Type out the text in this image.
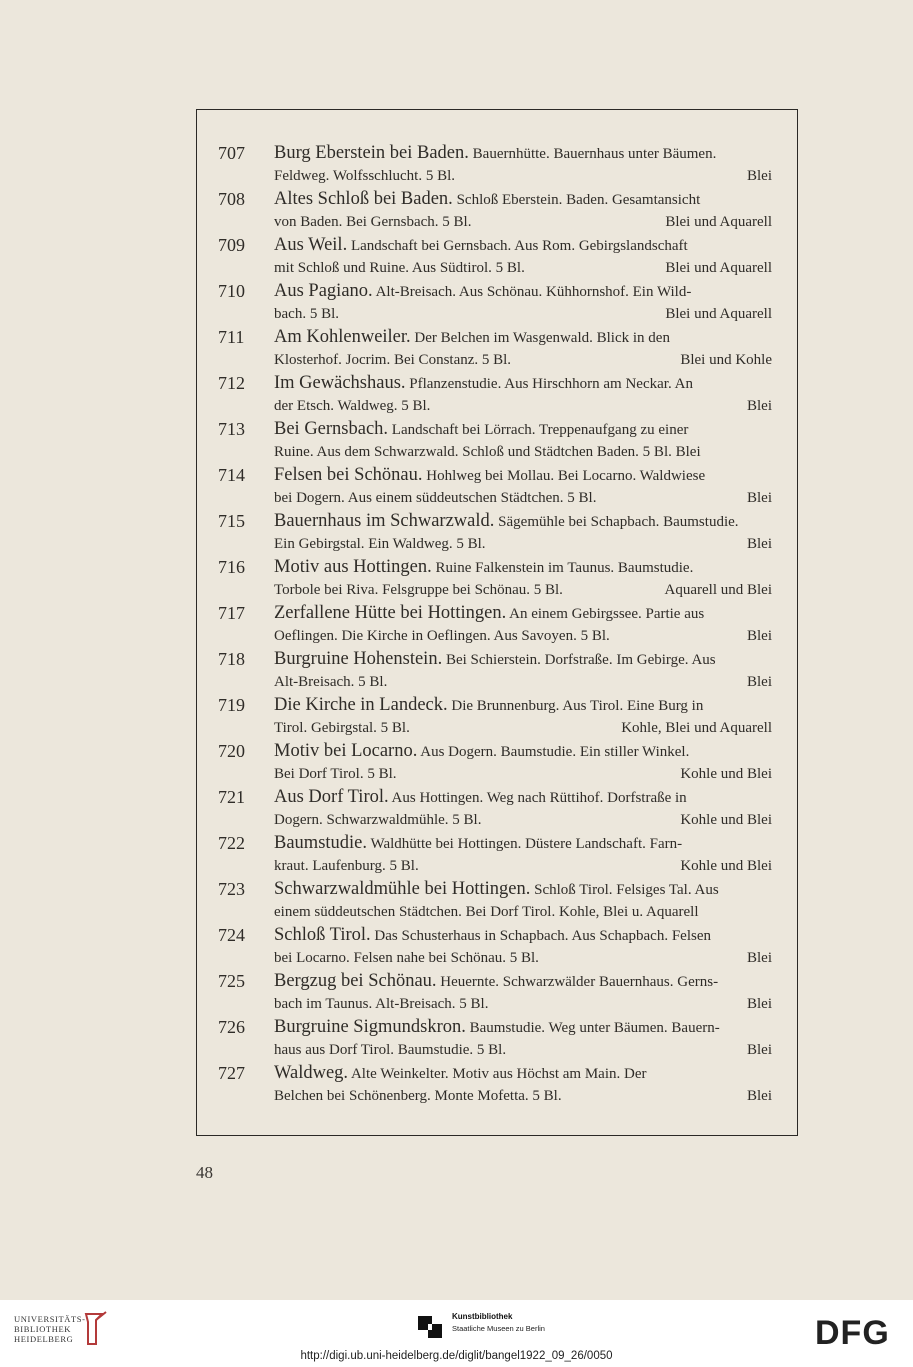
707	Burg Eberstein bei Baden. Bauernhütte. Bauernhaus unter Bäumen.
Feldweg. Wolfsschlucht. 5 Bl.	Blei
708	Altes Schloß bei Baden. Schloß Eberstein. Baden. Gesamtansicht
von Baden. Bei Gernsbach. 5 Bl.	Blei und Aquarell
709	Aus Weil. Landschaft bei Gernsbach. Aus Rom. Gebirgslandschaft
mit Schloß und Ruine. Aus Südtirol. 5 Bl.	Blei und Aquarell
710	Aus Pagiano. Alt-Breisach. Aus Schönau. Kühhornshof. Ein Wild-
bach. 5 Bl.	Blei und Aquarell
711	Am Kohlenweiler. Der Belchen im Wasgenwald. Blick in den
Klosterhof. Jocrim. Bei Constanz. 5 Bl.	Blei und Kohle
712	Im Gewächshaus. Pflanzenstudie. Aus Hirschhorn am Neckar. An
der Etsch. Waldweg. 5 Bl.	Blei
713	Bei Gernsbach. Landschaft bei Lörrach. Treppenaufgang zu einer
Ruine. Aus dem Schwarzwald. Schloß und Städtchen Baden. 5 Bl. Blei
714	Felsen bei Schönau. Hohlweg bei Mollau. Bei Locarno. Waldwiese
bei Dogern. Aus einem süddeutschen Städtchen. 5 Bl.	Blei
715	Bauernhaus im Schwarzwald. Sägemühle bei Schapbach. Baumstudie.
Ein Gebirgstal. Ein Waldweg. 5 Bl.	Blei
716	Motiv aus Hottingen. Ruine Falkenstein im Taunus. Baumstudie.
Torbole bei Riva. Felsgruppe bei Schönau. 5 Bl.	Aquarell und Blei
717	Zerfallene Hütte bei Hottingen. An einem Gebirgssee. Partie aus
Oeflingen. Die Kirche in Oeflingen. Aus Savoyen. 5 Bl.	Blei
718	Burgruine Hohenstein. Bei Schierstein. Dorfstraße. Im Gebirge. Aus
Alt-Breisach. 5 Bl.	Blei
719	Die Kirche in Landeck. Die Brunnenburg. Aus Tirol. Eine Burg in
Tirol. Gebirgstal. 5 Bl.	Kohle, Blei und Aquarell
720	Motiv bei Locarno. Aus Dogern. Baumstudie. Ein stiller Winkel.
Bei Dorf Tirol. 5 Bl.	Kohle und Blei
721	Aus Dorf Tirol. Aus Hottingen. Weg nach Rüttihof. Dorfstraße in
Dogern. Schwarzwaldmühle. 5 Bl.	Kohle und Blei
722	Baumstudie. Waldhütte bei Hottingen. Düstere Landschaft. Farn-
kraut. Laufenburg. 5 Bl.	Kohle und Blei
723	Schwarzwaldmühle bei Hottingen. Schloß Tirol. Felsiges Tal. Aus
einem süddeutschen Städtchen. Bei Dorf Tirol. Kohle, Blei u. Aquarell
724	Schloß Tirol. Das Schusterhaus in Schapbach. Aus Schapbach. Felsen
bei Locarno. Felsen nahe bei Schönau. 5 Bl.	Blei
725	Bergzug bei Schönau. Heuernte. Schwarzwälder Bauernhaus. Gerns-
bach im Taunus. Alt-Breisach. 5 Bl.	Blei
726	Burgruine Sigmundskron. Baumstudie. Weg unter Bäumen. Bauern-
haus aus Dorf Tirol. Baumstudie. 5 Bl.	Blei
727	Waldweg. Alte Weinkelter. Motiv aus Höchst am Main. Der
Belchen bei Schönenberg. Monte Mofetta. 5 Bl.	Blei
48
UNIVERSITÄTS-
BIBLIOTHEK
HEIDELBERG
Kunstbibliothek
Staatliche Museen zu Berlin	DFG
http://digi.ub.uni-heidelberg.de/diglit/bangel1922_09_26/0050
